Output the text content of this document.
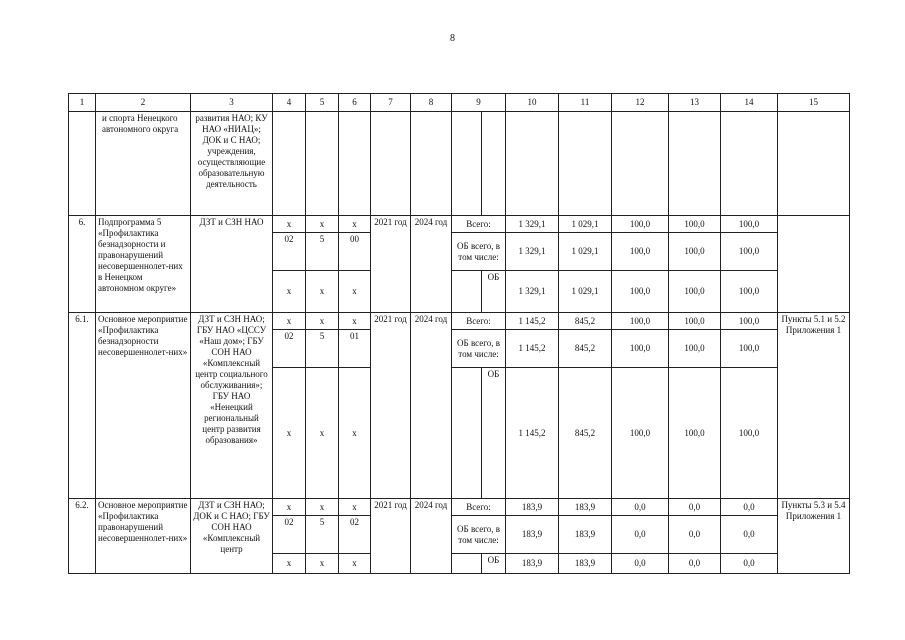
8
1	2	3	4	5	6	7	8	9		10	11	12	13	14	15
	и спорта Ненецкого автономного округа	развития НАО; КУ НАО «НИАЦ»; ДОК и С НАО; учреждения, осуществляющие образовательную деятельность													
6.	Подпрограмма 5 «Профилактика безнадзорности и правонарушений несовершеннолет-них в Ненецком автономном округе»	ДЗТ и СЗН НАО	x	x	x	2021 год	2024 год	Всего:		1 329,1	1 029,1	100,0	100,0	100,0	
			02	5	00			ОБ всего, в том числе:		1 329,1	1 029,1	100,0	100,0	100,0	
			x	x	x				ОБ	1 329,1	1 029,1	100,0	100,0	100,0	
6.1.	Основное мероприятие «Профилактика безнадзорности несовершеннолет-них»	ДЗТ и СЗН НАО; ГБУ НАО «ЦССУ «Наш дом»; ГБУ СОН НАО «Комплексный центр социального обслуживания»; ГБУ НАО «Ненецкий региональный центр развития образования»	x	x	x	2021 год	2024 год	Всего:		1 145,2	845,2	100,0	100,0	100,0	Пункты 5.1 и 5.2 Приложения 1
			02	5	01			ОБ всего, в том числе:		1 145,2	845,2	100,0	100,0	100,0	
			x	x	x				ОБ	1 145,2	845,2	100,0	100,0	100,0	
6.2.	Основное мероприятие «Профилактика правонарушений несовершеннолет-них»	ДЗТ и СЗН НАО; ДОК и С НАО; ГБУ СОН НАО «Комплексный центр	x	x	x	2021 год	2024 год	Всего:		183,9	183,9	0,0	0,0	0,0	Пункты 5.3 и 5.4 Приложения 1
			02	5	02			ОБ всего, в том числе:		183,9	183,9	0,0	0,0	0,0	
			x	x	x				ОБ	183,9	183,9	0,0	0,0	0,0	
